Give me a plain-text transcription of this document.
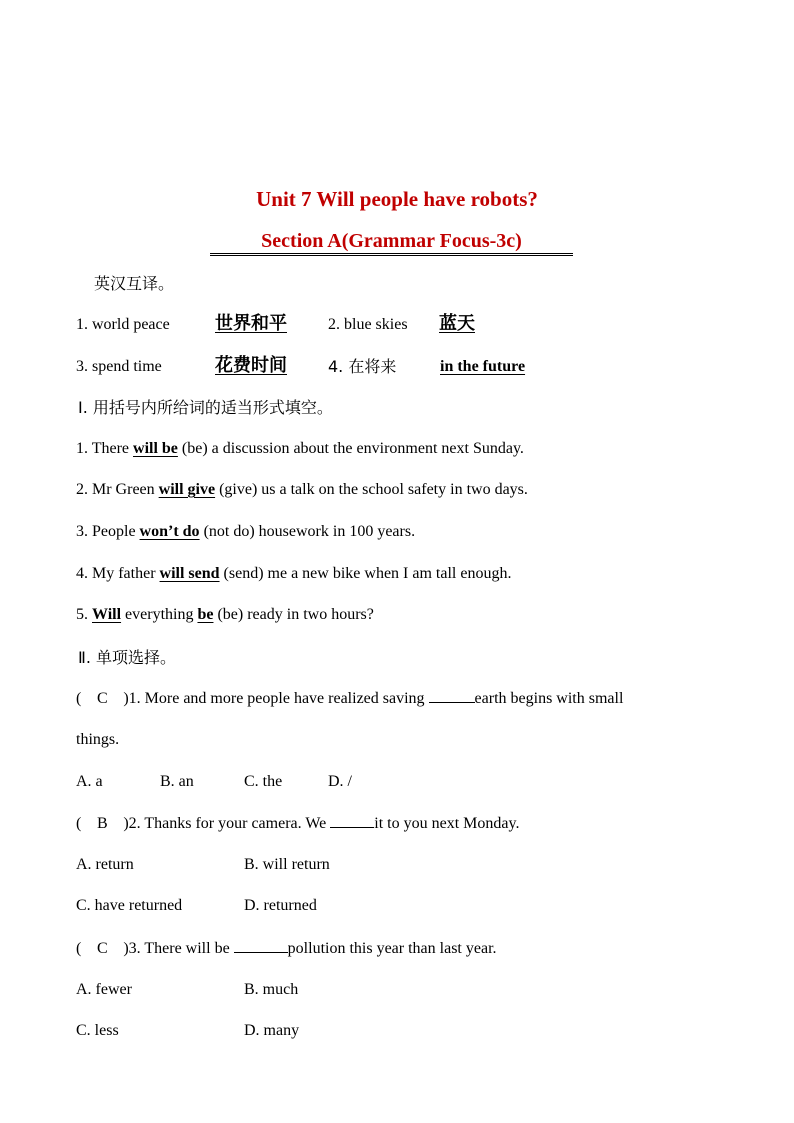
Unit 7 Will people have robots?
Section A(Grammar Focus-3c)
英汉互译。
1. world peace	世界和平	2. blue skies 蓝天
3. spend time	花费时间	4. 在将来	in the future
Ⅰ. 用括号内所给词的适当形式填空。
1. There will be (be) a discussion about the environment next Sunday.
2. Mr Green will give (give) us a talk on the school safety in two days.
3. People won’t do (not do) housework in 100 years.
4. My father will send (send) me a new bike when I am tall enough.
5. Will everything be (be) ready in two hours?
Ⅱ. 单项选择。
( C )1. More and more people have realized saving	earth begins with small
things.
A. a	B. an	C. the	D. /
( B )2. Thanks for your camera. We	it to you next Monday.
A. return	B. will return
C. have returned	D. returned
( C )3. There will be	pollution this year than last year.
A. fewer	B. much
C. less	D. many
